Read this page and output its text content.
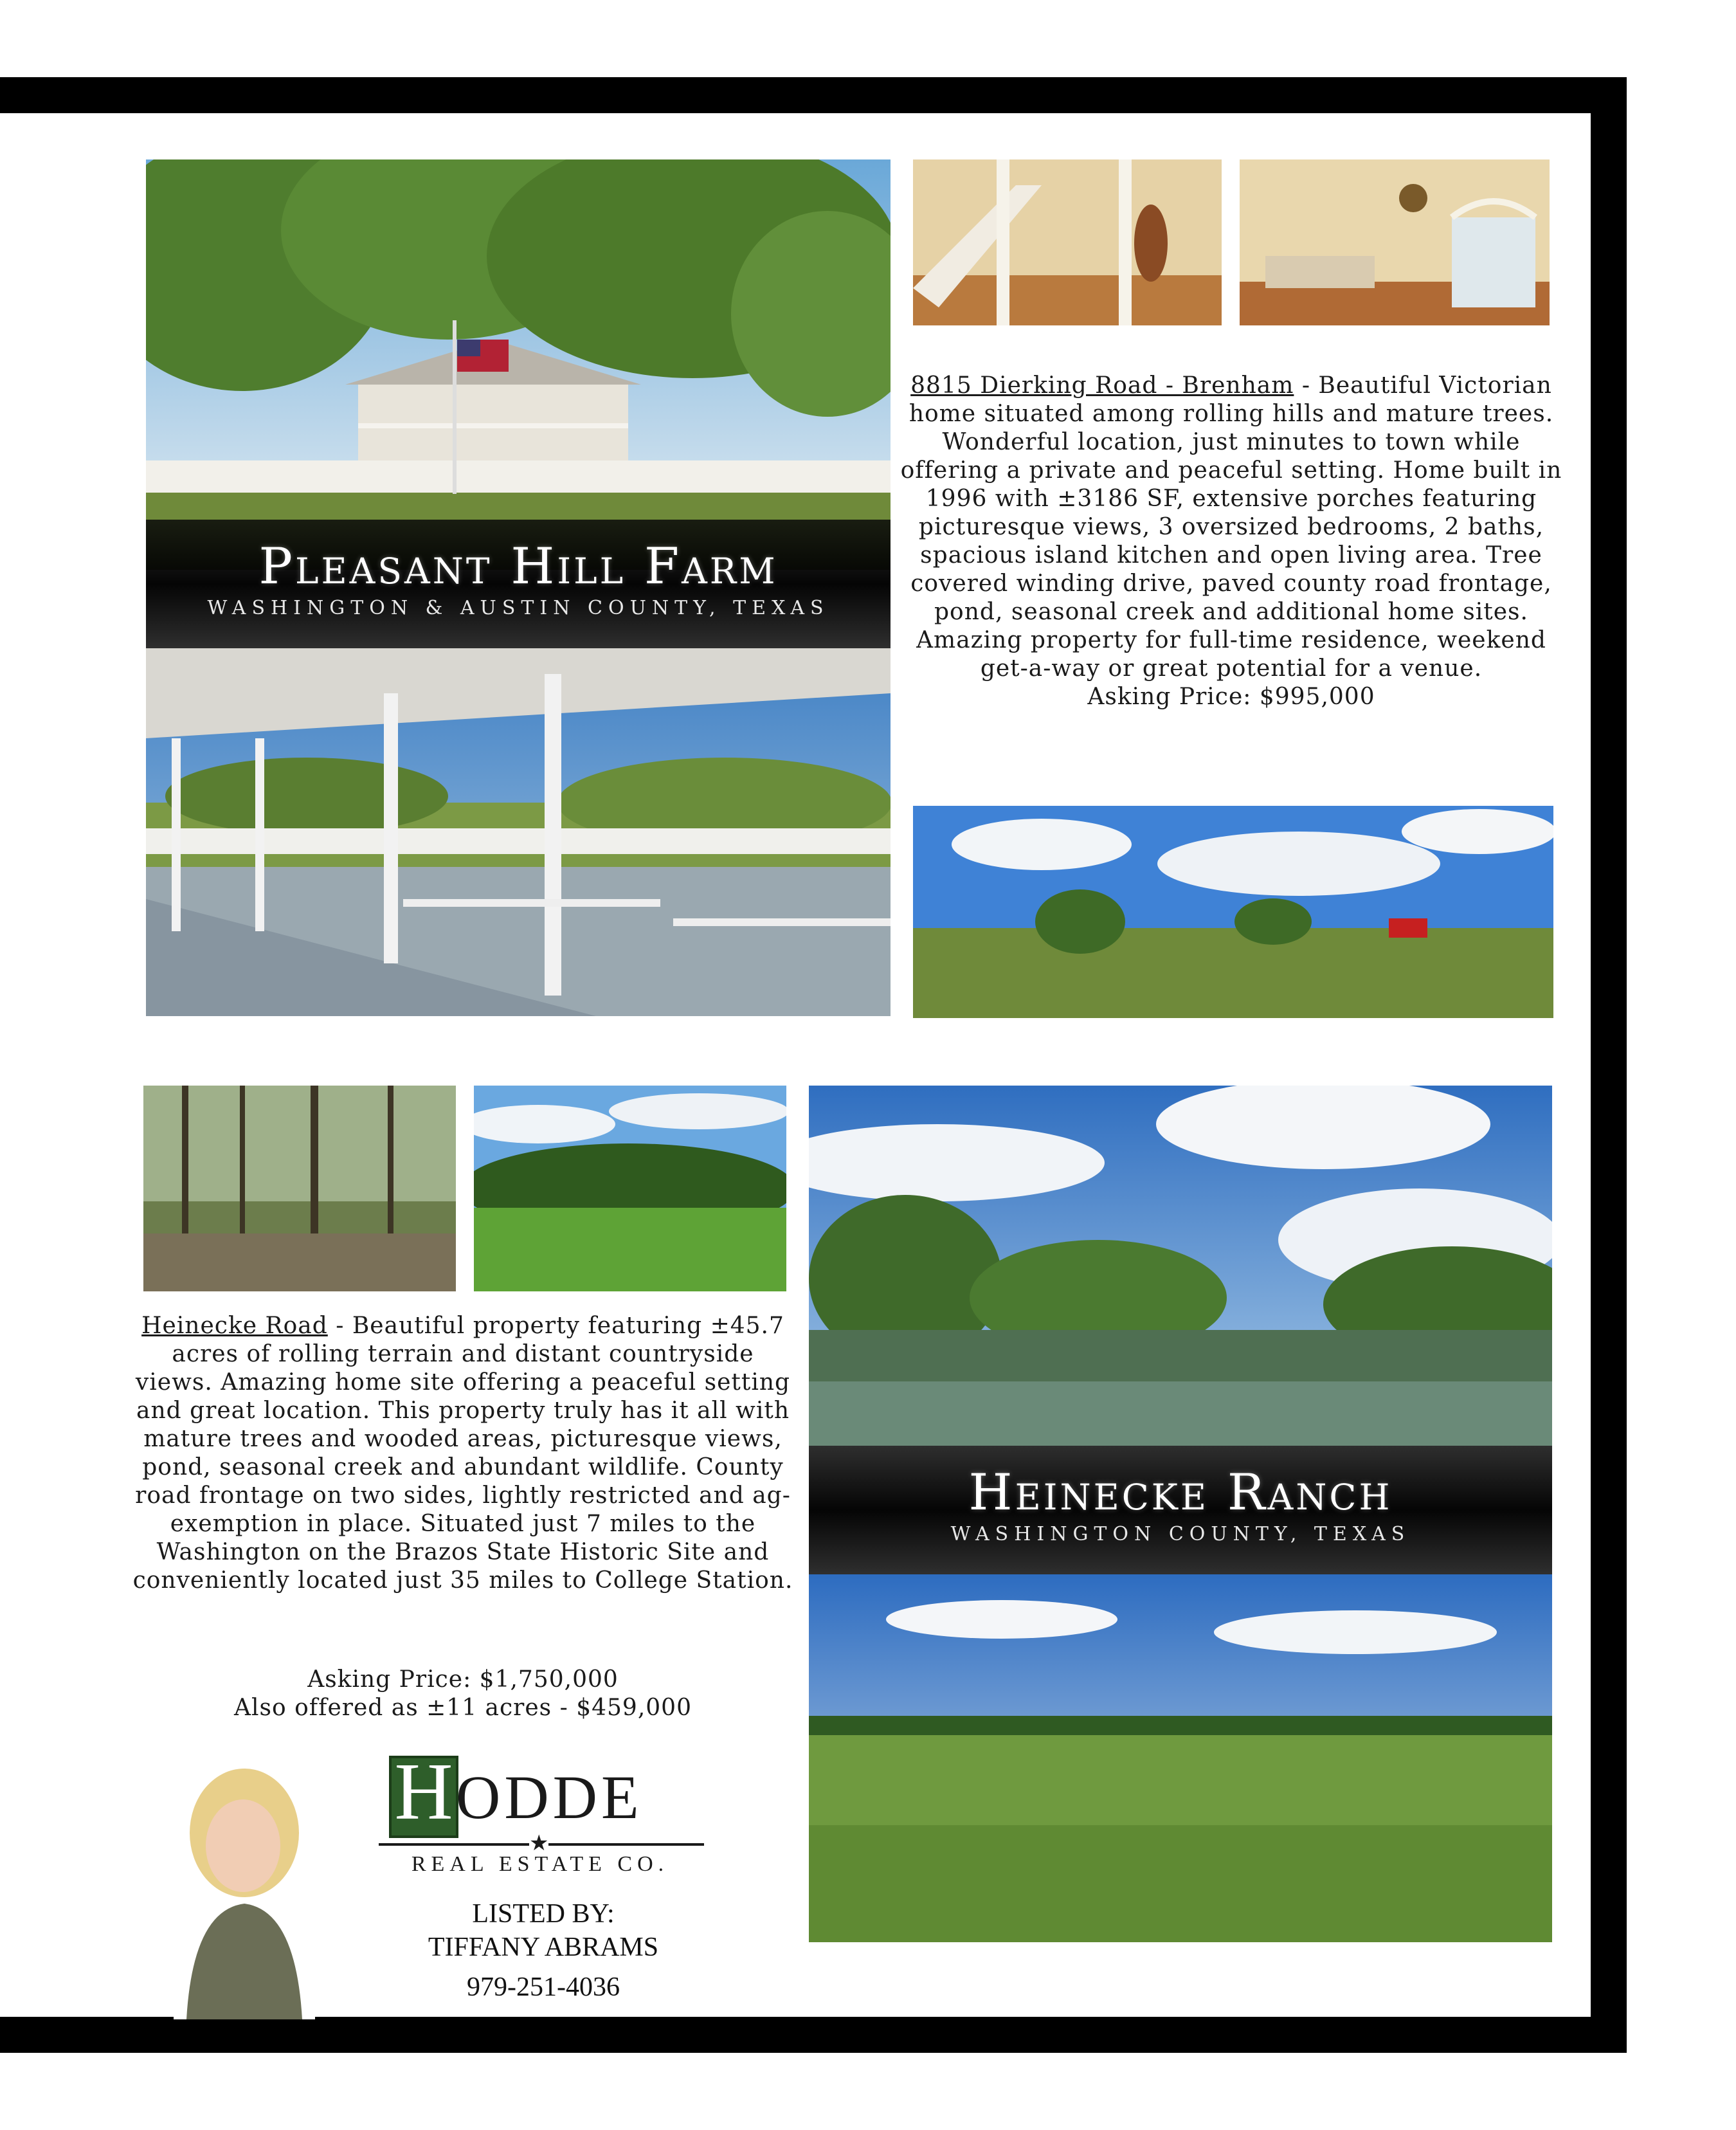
Pleasant Hill Farm
WASHINGTON & AUSTIN COUNTY, TEXAS
8815 Dierking Road - Brenham - Beautiful Victorian home situated among rolling hills and mature trees. Wonderful location, just minutes to town while offering a private and peaceful setting. Home built in 1996 with ±3186 SF, extensive porches featuring picturesque views, 3 oversized bedrooms, 2 baths, spacious island kitchen and open living area. Tree covered winding drive, paved county road frontage, pond, seasonal creek and additional home sites. Amazing property for full-time residence, weekend get-a-way or great potential for a venue.
Asking Price: $995,000
Heinecke Road - Beautiful property featuring ±45.7 acres of rolling terrain and distant countryside views. Amazing home site offering a peaceful setting and great location. This property truly has it all with mature trees and wooded areas, picturesque views, pond, seasonal creek and abundant wildlife. County road frontage on two sides, lightly restricted and ag-exemption in place. Situated just 7 miles to the Washington on the Brazos State Historic Site and conveniently located just 35 miles to College Station.
Asking Price: $1,750,000
Also offered as ±11 acres - $459,000
Heinecke Ranch
WASHINGTON COUNTY, TEXAS
H ODDE
★
REAL ESTATE CO.
LISTED BY:
TIFFANY ABRAMS
979-251-4036
